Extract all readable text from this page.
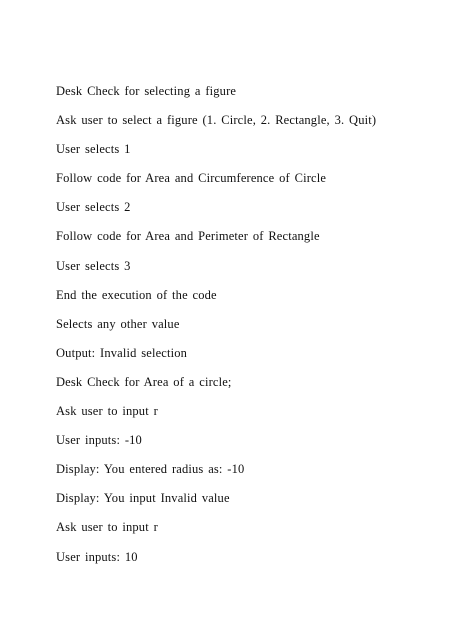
Desk Check for selecting a figure
Ask user to select a figure (1. Circle, 2. Rectangle, 3. Quit)
User selects 1
Follow code for Area and Circumference of Circle
User selects 2
Follow code for Area and Perimeter of Rectangle
User selects 3
End the execution of the code
Selects any other value
Output: Invalid selection
Desk Check for Area of a circle;
Ask user to input r
User inputs: -10
Display: You entered radius as: -10
Display: You input Invalid value
Ask user to input r
User inputs: 10
